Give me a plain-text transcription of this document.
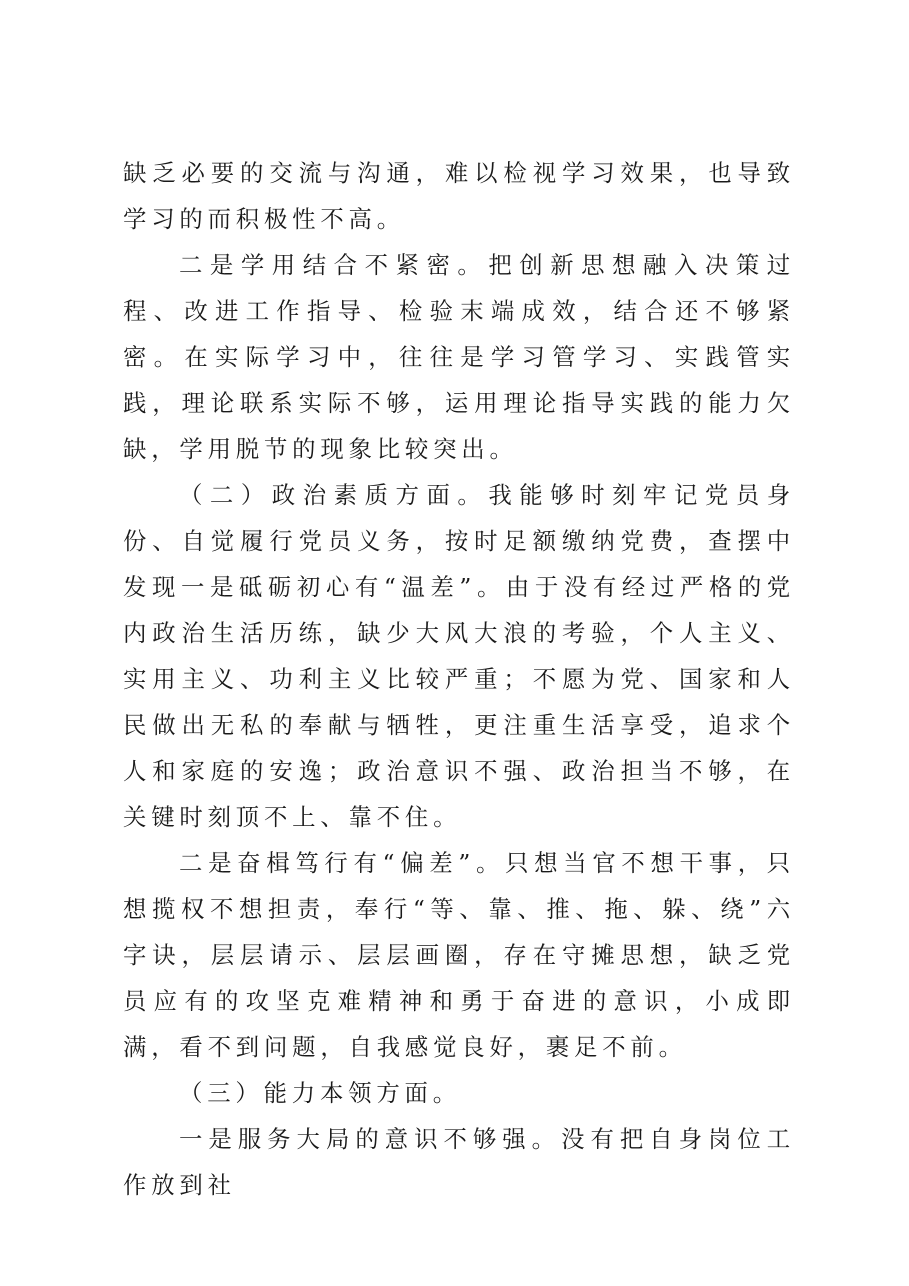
缺乏必要的交流与沟通，难以检视学习效果，也导致学习的而积极性不高。

二是学用结合不紧密。把创新思想融入决策过程、改进工作指导、检验末端成效，结合还不够紧密。在实际学习中，往往是学习管学习、实践管实践，理论联系实际不够，运用理论指导实践的能力欠缺，学用脱节的现象比较突出。

（二）政治素质方面。我能够时刻牢记党员身份、自觉履行党员义务，按时足额缴纳党费，查摆中发现一是砥砺初心有“温差”。由于没有经过严格的党内政治生活历练，缺少大风大浪的考验，个人主义、实用主义、功利主义比较严重；不愿为党、国家和人民做出无私的奉献与牺牲，更注重生活享受，追求个人和家庭的安逸；政治意识不强、政治担当不够，在关键时刻顶不上、靠不住。

二是奋楫笃行有“偏差”。只想当官不想干事，只想揽权不想担责，奉行“等、靠、推、拖、躲、绕”六字诀，层层请示、层层画圈，存在守摊思想，缺乏党员应有的攻坚克难精神和勇于奋进的意识，小成即满，看不到问题，自我感觉良好，裹足不前。

（三）能力本领方面。

一是服务大局的意识不够强。没有把自身岗位工作放到社
